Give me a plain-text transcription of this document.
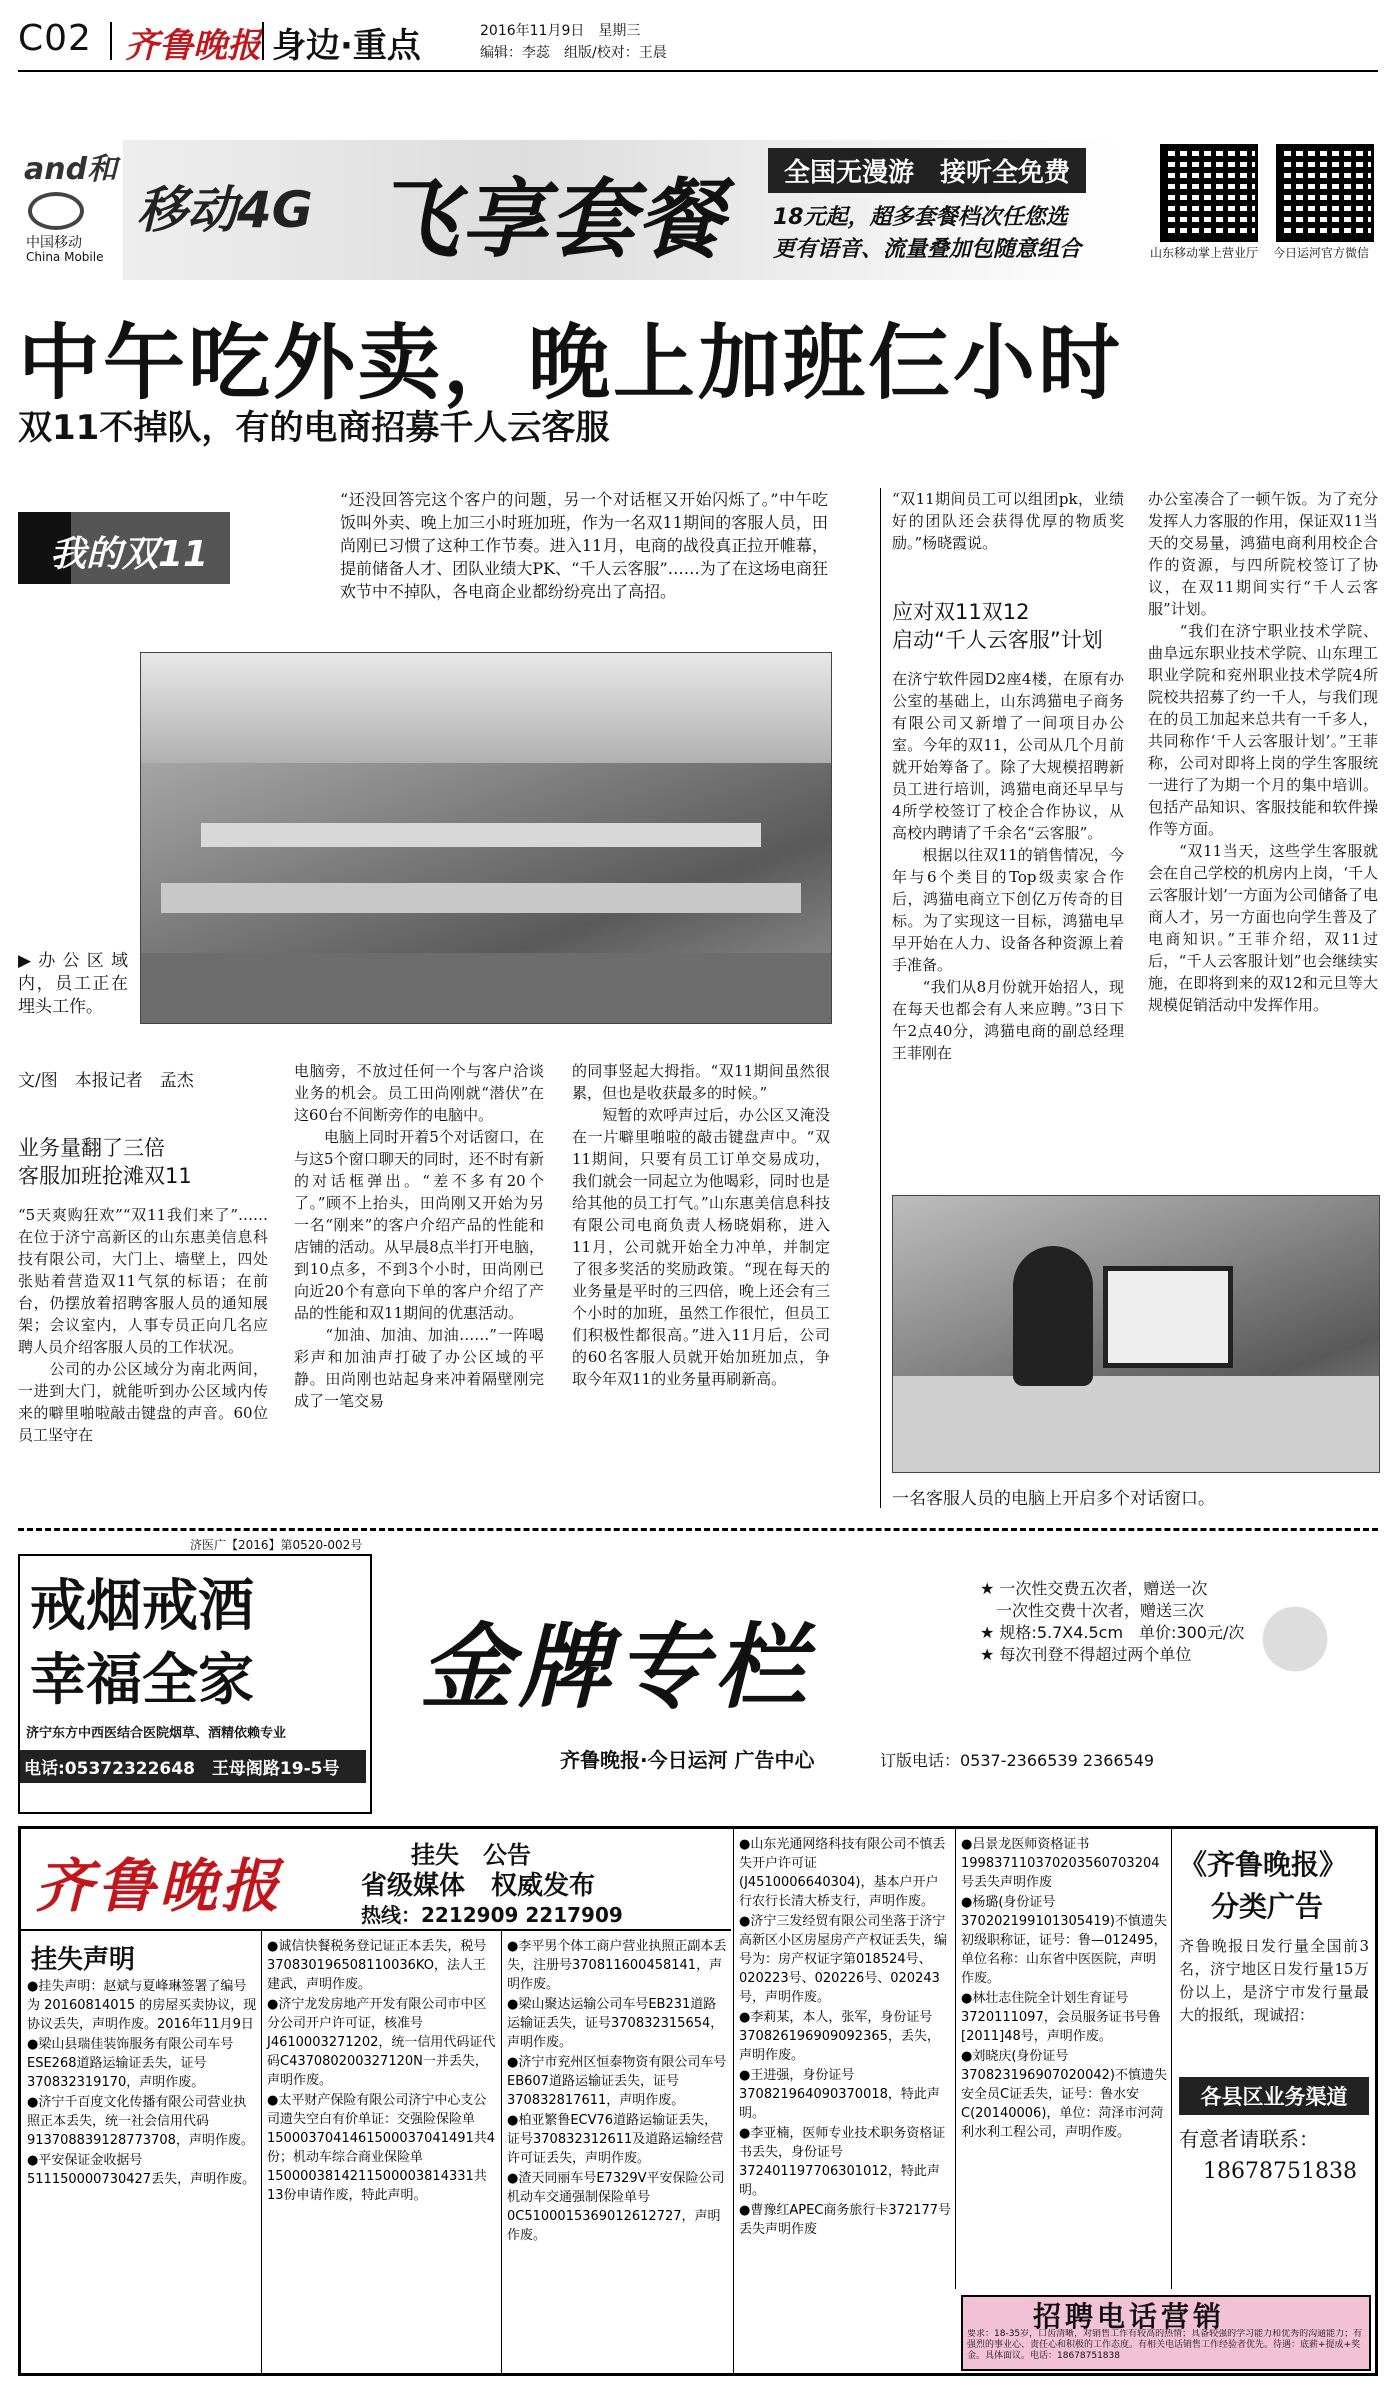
C02 齐鲁晚报 身边·重点	2016年11月9日　星期三
编辑：李蕊　组版/校对：王晨
and和
中国移动
China Mobile
移动4G 飞享套餐	全国无漫游　接听全免费
18元起，超多套餐档次任您选
更有语音、流量叠加包随意组合	山东移动掌上营业厅 今日运河官方微信
中午吃外卖，晚上加班仨小时
双11不掉队，有的电商招募千人云客服
我的双11
“还没回答完这个客户的问题，另一个对话框又开始闪烁了。”中午吃饭叫外卖、晚上加三小时班加班，作为一名双11期间的客服人员，田尚刚已习惯了这种工作节奏。进入11月，电商的战役真正拉开帷幕，提前储备人才、团队业绩大PK、“千人云客服”……为了在这场电商狂欢节中不掉队，各电商企业都纷纷亮出了高招。
▶办公区域内，员工正在埋头工作。
文/图　本报记者　孟杰
业务量翻了三倍
客服加班抢滩双11
“5天爽购狂欢”“双11我们来了”……在位于济宁高新区的山东惠美信息科技有限公司，大门上、墙壁上，四处张贴着营造双11气氛的标语；在前台，仍摆放着招聘客服人员的通知展架；会议室内，人事专员正向几名应聘人员介绍客服人员的工作状况。
　　公司的办公区域分为南北两间，一进到大门，就能听到办公区域内传来的噼里啪啦敲击键盘的声音。60位员工坚守在
电脑旁，不放过任何一个与客户洽谈业务的机会。员工田尚刚就“潜伏”在这60台不间断旁作的电脑中。
　　电脑上同时开着5个对话窗口，在与这5个窗口聊天的同时，还不时有新的对话框弹出。“差不多有20个了。”顾不上抬头，田尚刚又开始为另一名“刚来”的客户介绍产品的性能和店铺的活动。从早晨8点半打开电脑，到10点多，不到3个小时，田尚刚已向近20个有意向下单的客户介绍了产品的性能和双11期间的优惠活动。
　　“加油、加油、加油……”一阵喝彩声和加油声打破了办公区域的平静。田尚刚也站起身来冲着隔壁刚完成了一笔交易
的同事竖起大拇指。“双11期间虽然很累，但也是收获最多的时候。”
　　短暂的欢呼声过后，办公区又淹没在一片噼里啪啦的敲击键盘声中。“双11期间，只要有员工订单交易成功，我们就会一同起立为他喝彩，同时也是给其他的员工打气。”山东惠美信息科技有限公司电商负责人杨晓娟称，进入11月，公司就开始全力冲单，并制定了很多奖活的奖励政策。“现在每天的业务量是平时的三四倍，晚上还会有三个小时的加班，虽然工作很忙，但员工们积极性都很高。”进入11月后，公司的60名客服人员就开始加班加点，争取今年双11的业务量再刷新高。
“双11期间员工可以组团pk，业绩好的团队还会获得优厚的物质奖励。”杨晓霞说。
应对双11双12
启动“千人云客服”计划
在济宁软件园D2座4楼，在原有办公室的基础上，山东鸿猫电子商务有限公司又新增了一间项目办公室。今年的双11，公司从几个月前就开始筹备了。除了大规模招聘新员工进行培训，鸿猫电商还早早与4所学校签订了校企合作协议，从高校内聘请了千余名“云客服”。
　　根据以往双11的销售情况，今年与6个类目的Top级卖家合作后，鸿猫电商立下创亿万传奇的目标。为了实现这一目标，鸿猫电早早开始在人力、设备各种资源上着手准备。
　　“我们从8月份就开始招人，现在每天也都会有人来应聘。”3日下午2点40分，鸿猫电商的副总经理王菲刚在
办公室凑合了一顿午饭。为了充分发挥人力客服的作用，保证双11当天的交易量，鸿猫电商利用校企合作的资源，与四所院校签订了协议，在双11期间实行“千人云客服”计划。
　　“我们在济宁职业技术学院、曲阜远东职业技术学院、山东理工职业学院和兖州职业技术学院4所院校共招募了约一千人，与我们现在的员工加起来总共有一千多人，共同称作‘千人云客服计划’。”王菲称，公司对即将上岗的学生客服统一进行了为期一个月的集中培训。包括产品知识、客服技能和软件操作等方面。
　　“双11当天，这些学生客服就会在自己学校的机房内上岗，‘千人云客服计划’一方面为公司储备了电商人才，另一方面也向学生普及了电商知识。”王菲介绍，双11过后，“千人云客服计划”也会继续实施，在即将到来的双12和元旦等大规模促销活动中发挥作用。
一名客服人员的电脑上开启多个对话窗口。
济医广【2016】第0520-002号
戒烟戒酒
幸福全家
济宁东方中西医结合医院烟草、酒精依赖专业
电话:05372322648　王母阁路19-5号
金牌专栏
★ 一次性交费五次者，赠送一次
　一次性交费十次者，赠送三次
★ 规格:5.7X4.5cm　单价:300元/次
★ 每次刊登不得超过两个单位
齐鲁晚报·今日运河 广告中心	订版电话：0537-2366539 2366549
齐鲁晚报	挂失　公告
省级媒体　权威发布
热线：2212909 2217909
挂失声明
●挂失声明：赵斌与夏峰琳签署了编号为 20160814015 的房屋买卖协议，现协议丢失，声明作废。2016年11月9日
●梁山县瑞佳装饰服务有限公司车号ESE268道路运输证丢失，证号370832319170，声明作废。
●济宁千百度文化传播有限公司营业执照正本丢失，统一社会信用代码913708839128773708，声明作废。
●平安保证金收据号511150000730427丢失，声明作废。
●诚信快餐税务登记证正本丢失，税号370830196508110036KO，法人王建武，声明作废。
●济宁龙发房地产开发有限公司市中区分公司开户许可证，核准号J4610003271202，统一信用代码证代码C437080200327120N一并丢失，声明作废。
●太平财产保险有限公司济宁中心支公司遗失空白有价单证：交强险保险单1500037041461500037041491共4份；机动车综合商业保险单1500003814211500003814331共13份申请作废，特此声明。
●李平男个体工商户营业执照正副本丢失，注册号370811600458141，声明作废。
●梁山聚达运输公司车号EB231道路运输证丢失，证号370832315654，声明作废。
●济宁市兖州区恒泰物资有限公司车号EB607道路运输证丢失，证号370832817611，声明作废。
●柏亚繁鲁ECV76道路运输证丢失，证号370832312611及道路运输经营许可证丢失，声明作废。
●渣天同丽车号E7329V平安保险公司机动车交通强制保险单号0C5100015369012612727，声明作废。
●山东光通网络科技有限公司不慎丢失开户许可证(J4510006640304)，基本户开户行农行长清大桥支行，声明作废。
●济宁三发经贸有限公司坐落于济宁高新区小区房屋房产产权证丢失，编号为：房产权证字第018524号、020223号、020226号、020243号，声明作废。
●李莉某，本人，张军，身份证号370826196909092365，丢失，声明作废。
●王进强，身份证号370821964090370018，特此声明。
●李亚楠，医师专业技术职务资格证书丢失，身份证号372401197706301012，特此声明。
●曹豫红APEC商务旅行卡372177号丢失声明作废
●吕景龙医师资格证书199837110370203560703204号丢失声明作废
●杨璐(身份证号370202199101305419)不慎遗失初级职称证，证号：鲁—012495，单位名称：山东省中医医院，声明作废。
●林壮志住院全计划生育证号3720111097，会员服务证书号鲁[2011]48号，声明作废。
●刘晓庆(身份证号370823196907020042)不慎遗失安全员C证丢失，证号：鲁水安C(20140006)，单位：菏泽市河菏利水利工程公司，声明作废。
《齐鲁晚报》
分类广告
齐鲁晚报日发行量全国前3名，济宁地区日发行量15万份以上，是济宁市发行量最大的报纸，现诚招：
各县区业务渠道
有意者请联系：
18678751838
招聘电话营销
要求：18-35岁，口齿清晰，对销售工作有较高的热情；具备较强的学习能力和优秀的沟通能力；有强烈的事业心、责任心和积极的工作态度。有相关电话销售工作经验者优先。待遇：底薪+提成+奖金。具体面议。电话：18678751838
